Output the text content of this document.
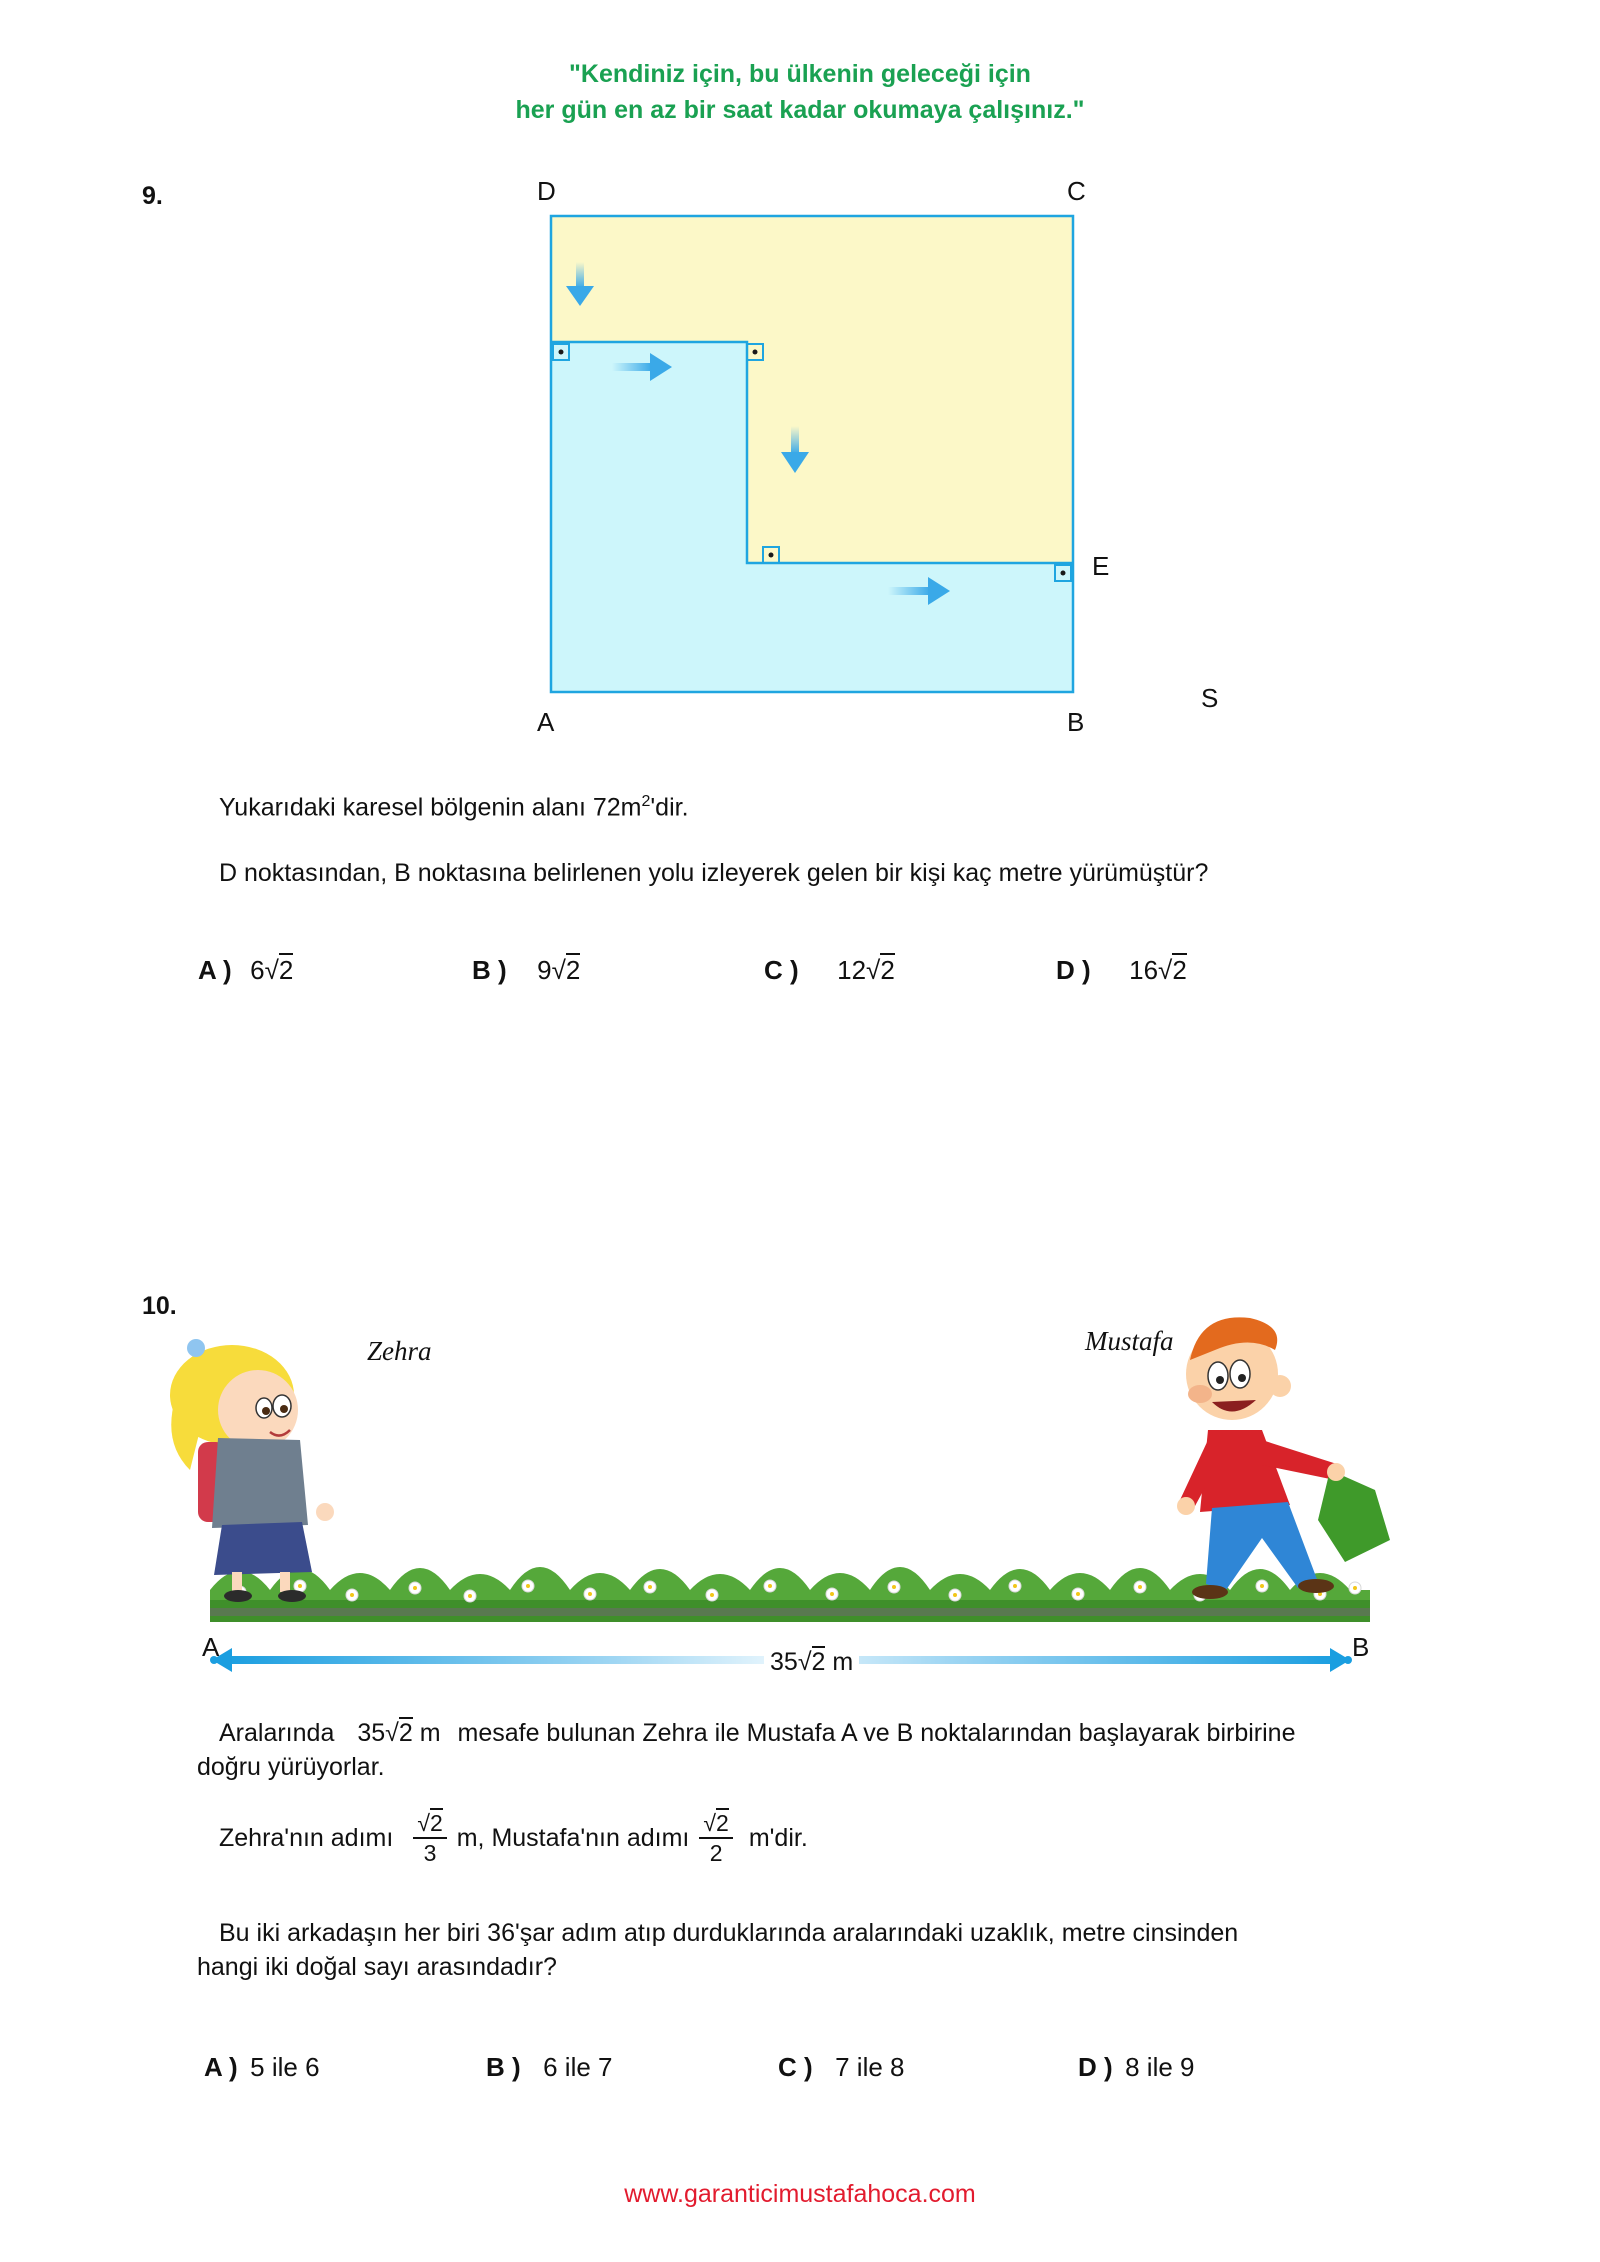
"Kendiniz için, bu ülkenin geleceği için
her gün en az bir saat kadar okumaya çalışınız."
9.	D	C
E
A	B
S
Yukarıdaki karesel bölgenin alanı $72m^2'dir$.
D noktasından, B noktasına belirlenen yolu izleyerek gelen bir kişi kaç metre yürümüştür?
A ) 6√2	B ) 9√2	C ) 12√2	D ) 16√2
10.
Zehra	Mustafa
A	B
35√2 m
Aralarında 35√2 m mesafe bulunan Zehra ile Mustafa A ve B noktalarından başlayarak birbirine
doğru yürüyorlar.
Zehra'nın adımı $\frac{√2}{3} m$, Mustafa'nın adımı $\frac{√2}{2} m'dir$.
Bu iki arkadaşın her biri 36'şar adım atıp durduklarında aralarındaki uzaklık, metre cinsinden
hangi iki doğal sayı arasındadır?
A ) 5 ile 6	B ) 6 ile 7	C ) 7 ile 8	D ) 8 ile 9
www.garanticimustafahoca.com
